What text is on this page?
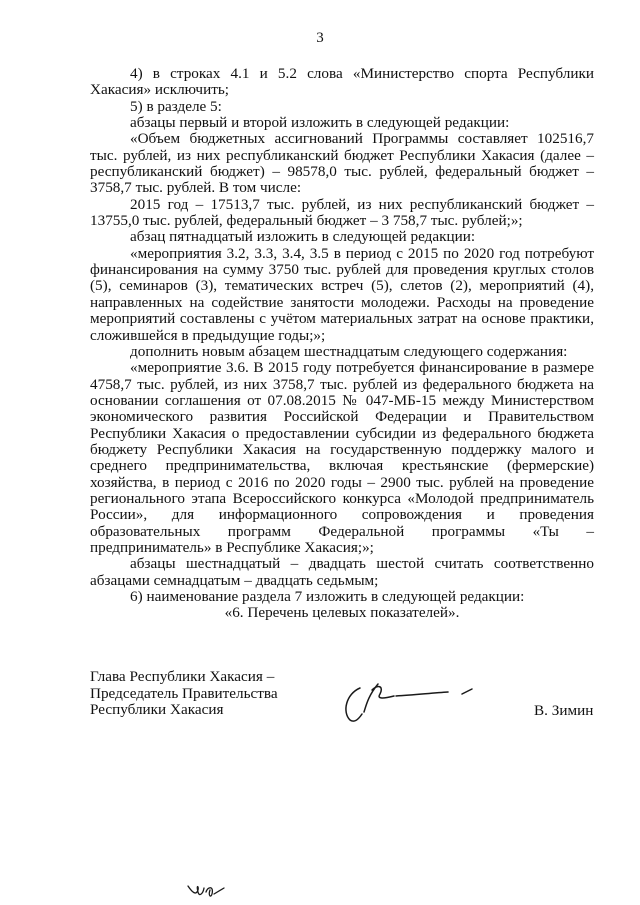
3

4) в строках 4.1 и 5.2 слова «Министерство спорта Республики Хакасия» исключить;

5) в разделе 5:

абзацы первый и второй изложить в следующей редакции:

«Объем бюджетных ассигнований Программы составляет 102516,7 тыс. рублей, из них республиканский бюджет Республики Хакасия (далее – республиканский бюджет) – 98578,0 тыс. рублей, федеральный бюджет – 3758,7 тыс. рублей. В том числе:

2015 год – 17513,7 тыс. рублей, из них республиканский бюджет – 13755,0 тыс. рублей, федеральный бюджет – 3 758,7 тыс. рублей;»;

абзац пятнадцатый изложить в следующей редакции:

«мероприятия 3.2, 3.3, 3.4, 3.5 в период с 2015 по 2020 год потребуют финансирования на сумму 3750 тыс. рублей для проведения круглых столов (5), семинаров (3), тематических встреч (5), слетов (2), мероприятий (4), направленных на содействие занятости молодежи. Расходы на проведение мероприятий составлены с учётом материальных затрат на основе практики, сложившейся в предыдущие годы;»;

дополнить новым абзацем шестнадцатым следующего содержания:

«мероприятие 3.6. В 2015 году потребуется финансирование в размере 4758,7 тыс. рублей, из них 3758,7 тыс. рублей из федерального бюджета на основании соглашения от 07.08.2015 № 047-МБ-15 между Министерством экономического развития Российской Федерации и Правительством Республики Хакасия о предоставлении субсидии из федерального бюджета бюджету Республики Хакасия на государственную поддержку малого и среднего предпринимательства, включая крестьянские (фермерские) хозяйства, в период с 2016 по 2020 годы – 2900 тыс. рублей на проведение регионального этапа Всероссийского конкурса «Молодой предприниматель России», для информационного сопровождения и проведения образовательных программ Федеральной программы «Ты – предприниматель» в Республике Хакасия;»;

абзацы шестнадцатый – двадцать шестой считать соответственно абзацами семнадцатым – двадцать седьмым;

6) наименование раздела 7 изложить в следующей редакции:

«6. Перечень целевых показателей».

Глава Республики Хакасия –
Председатель Правительства
Республики Хакасия	В. Зимин
